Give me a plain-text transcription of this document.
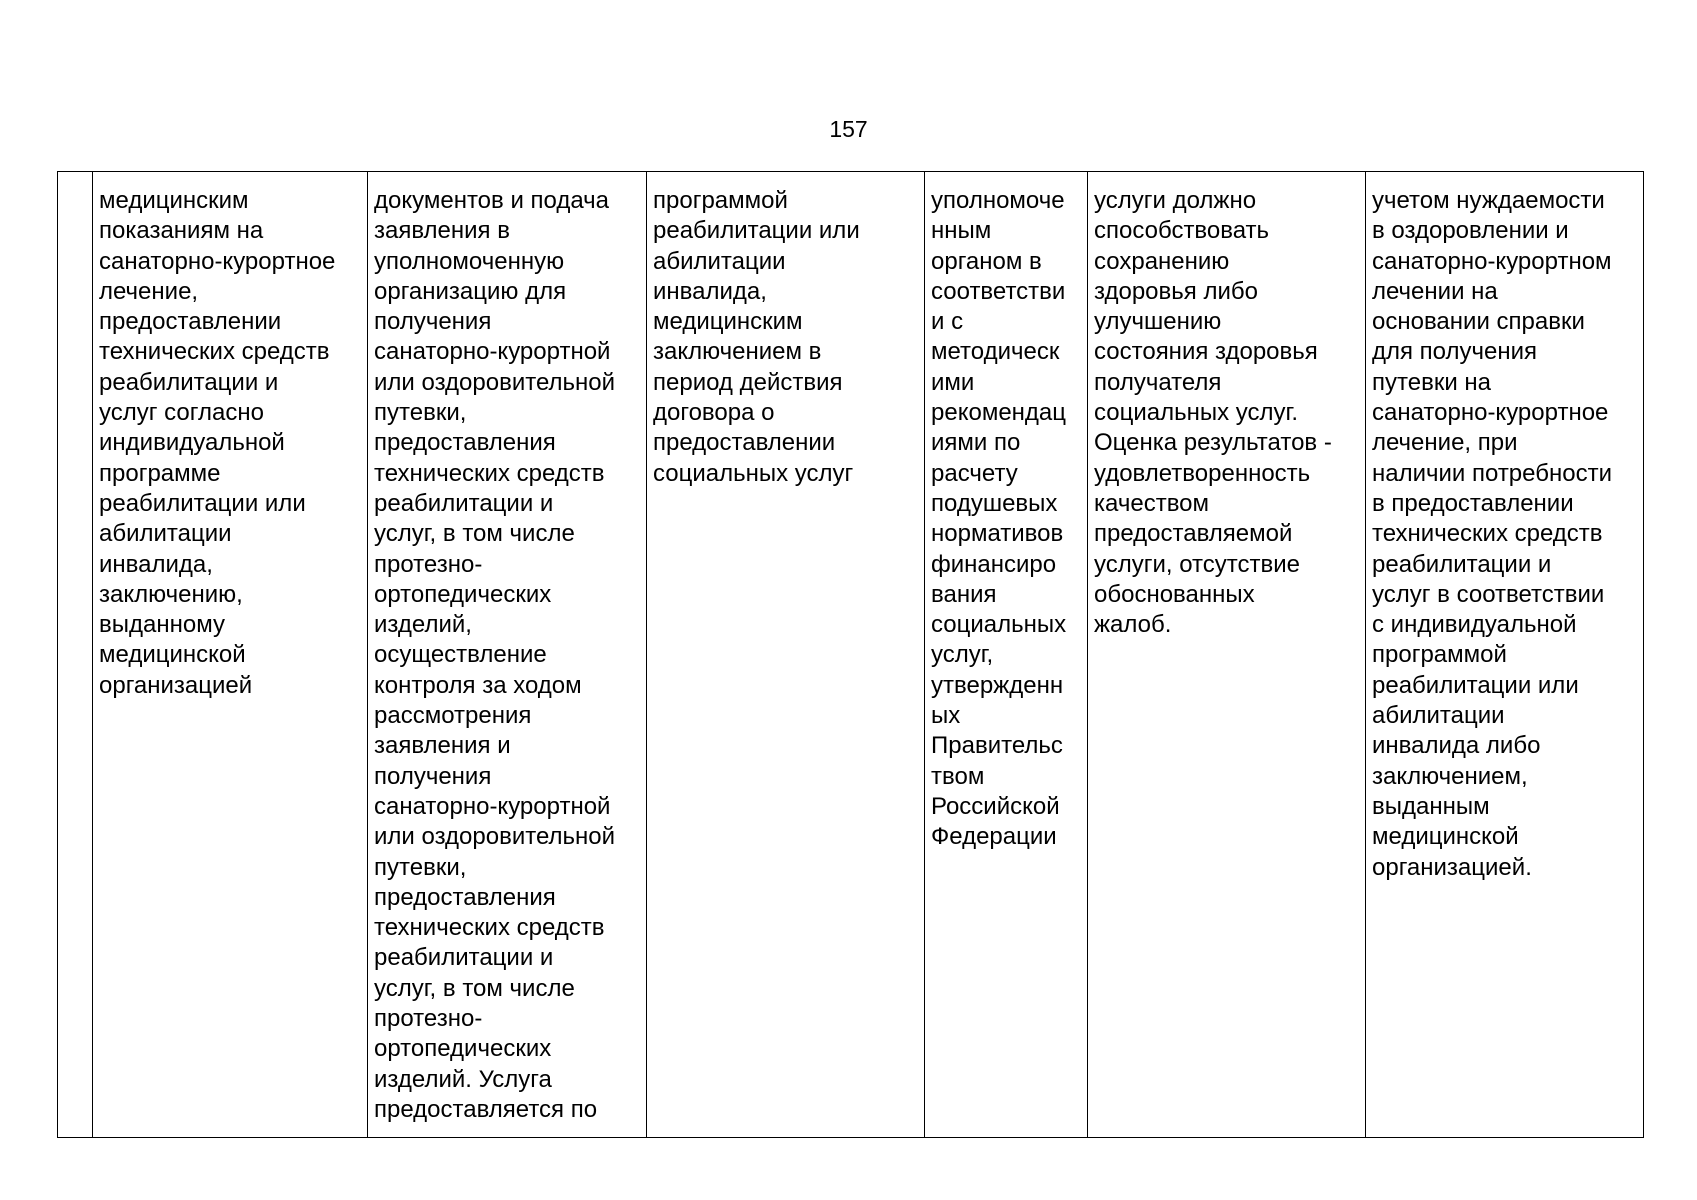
157

медицинским
показаниям на
санаторно-курортное
лечение,
предоставлении
технических средств
реабилитации и
услуг согласно
индивидуальной
программе
реабилитации или
абилитации
инвалида,
заключению,
выданному
медицинской
организацией

документов и подача
заявления в
уполномоченную
организацию для
получения
санаторно-курортной
или оздоровительной
путевки,
предоставления
технических средств
реабилитации и
услуг, в том числе
протезно-
ортопедических
изделий,
осуществление
контроля за ходом
рассмотрения
заявления и
получения
санаторно-курортной
или оздоровительной
путевки,
предоставления
технических средств
реабилитации и
услуг, в том числе
протезно-
ортопедических
изделий. Услуга
предоставляется по

программой
реабилитации или
абилитации
инвалида,
медицинским
заключением в
период действия
договора о
предоставлении
социальных услуг

уполномоче
нным
органом в
соответстви
и с
методическ
ими
рекомендац
иями по
расчету
подушевых
нормативов
финансиро
вания
социальных
услуг,
утвержденн
ых
Правительс
твом
Российской
Федерации

услуги должно
способствовать
сохранению
здоровья либо
улучшению
состояния здоровья
получателя
социальных услуг.
Оценка результатов -
удовлетворенность
качеством
предоставляемой
услуги, отсутствие
обоснованных
жалоб.

учетом нуждаемости
в оздоровлении и
санаторно-курортном
лечении на
основании справки
для получения
путевки на
санаторно-курортное
лечение, при
наличии потребности
в предоставлении
технических средств
реабилитации и
услуг в соответствии
с индивидуальной
программой
реабилитации или
абилитации
инвалида либо
заключением,
выданным
медицинской
организацией.
